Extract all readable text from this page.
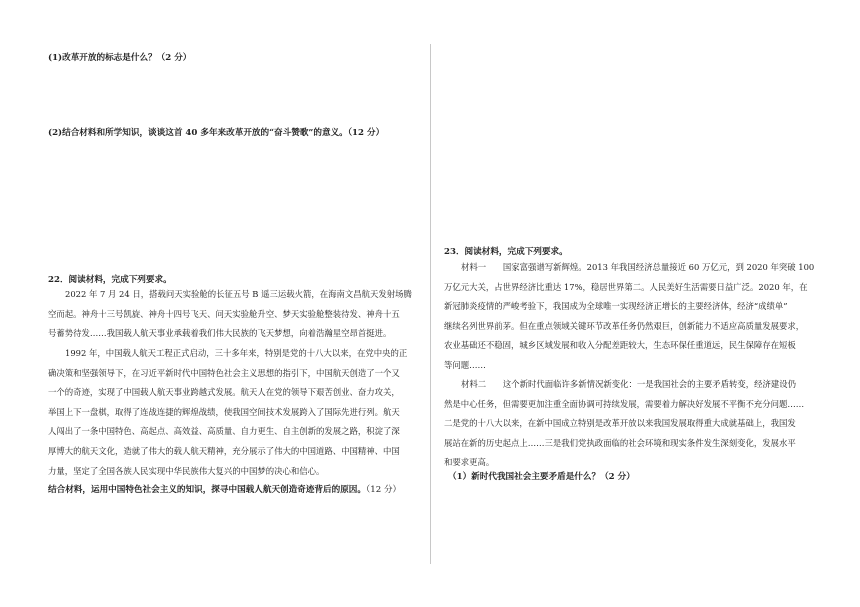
(1)改革开放的标志是什么？（2 分）
(2)结合材料和所学知识，谈谈这首 40 多年来改革开放的“奋斗赞歌”的意义。（12 分）
22．阅读材料，完成下列要求。
2022 年 7 月 24 日，搭载问天实验舱的长征五号 B 遥三运载火箭，在海南文昌航天发射场腾
空而起。神舟十三号凯旋、神舟十四号飞天、问天实验舱升空、梦天实验舱整装待发、神舟十五
号蓄势待发……我国载人航天事业承载着我们伟大民族的飞天梦想，向着浩瀚星空昂首挺进。
1992 年，中国载人航天工程正式启动，三十多年来，特别是党的十八大以来，在党中央的正
确决策和坚强领导下，在习近平新时代中国特色社会主义思想的指引下，中国航天创造了一个又
一个的奇迹，实现了中国载人航天事业跨越式发展。航天人在党的领导下艰苦创业、奋力攻关，
举国上下一盘棋，取得了连战连捷的辉煌战绩，使我国空间技术发展跨入了国际先进行列。航天
人闯出了一条中国特色、高起点、高效益、高质量、自力更生、自主创新的发展之路，积淀了深
厚博大的航天文化，造就了伟大的载人航天精神，充分展示了伟大的中国道路、中国精神、中国
力量，坚定了全国各族人民实现中华民族伟大复兴的中国梦的决心和信心。
结合材料，运用中国特色社会主义的知识，探寻中国载人航天创造奇迹背后的原因。（12 分）
23．阅读材料，完成下列要求。
材料一　　国家富强谱写新辉煌。2013 年我国经济总量接近 60 万亿元，到 2020 年突破 100
万亿元大关，占世界经济比重达 17%，稳居世界第二。人民美好生活需要日益广泛。2020 年，在
新冠肺炎疫情的严峻考验下，我国成为全球唯一实现经济正增长的主要经济体，经济“成绩单”
继续名列世界前茅。但在重点领域关键环节改革任务仍然艰巨，创新能力不适应高质量发展要求，
农业基础还不稳固，城乡区域发展和收入分配差距较大，生态环保任重道远，民生保障存在短板
等问题……
材料二　　这个新时代面临许多新情况新变化：一是我国社会的主要矛盾转变，经济建设仍
然是中心任务，但需要更加注重全面协调可持续发展，需要着力解决好发展不平衡不充分问题……
二是党的十八大以来，在新中国成立特别是改革开放以来我国发展取得重大成就基础上，我国发
展站在新的历史起点上……三是我们党执政面临的社会环境和现实条件发生深刻变化，发展水平
和要求更高。
（1）新时代我国社会主要矛盾是什么？（2 分）
